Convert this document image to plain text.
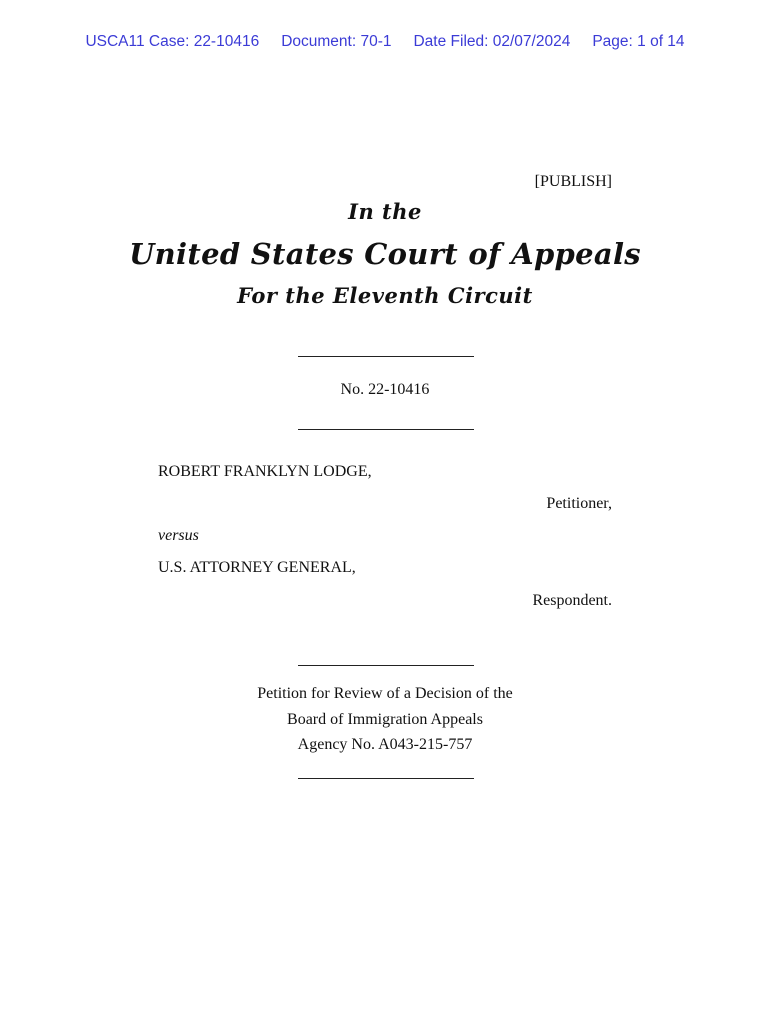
USCA11 Case: 22-10416 Document: 70-1 Date Filed: 02/07/2024 Page: 1 of 14
[PUBLISH]
In the
United States Court of Appeals
For the Eleventh Circuit
No. 22-10416
ROBERT FRANKLYN LODGE,
Petitioner,
versus
U.S. ATTORNEY GENERAL,
Respondent.
Petition for Review of a Decision of the
Board of Immigration Appeals
Agency No. A043-215-757
